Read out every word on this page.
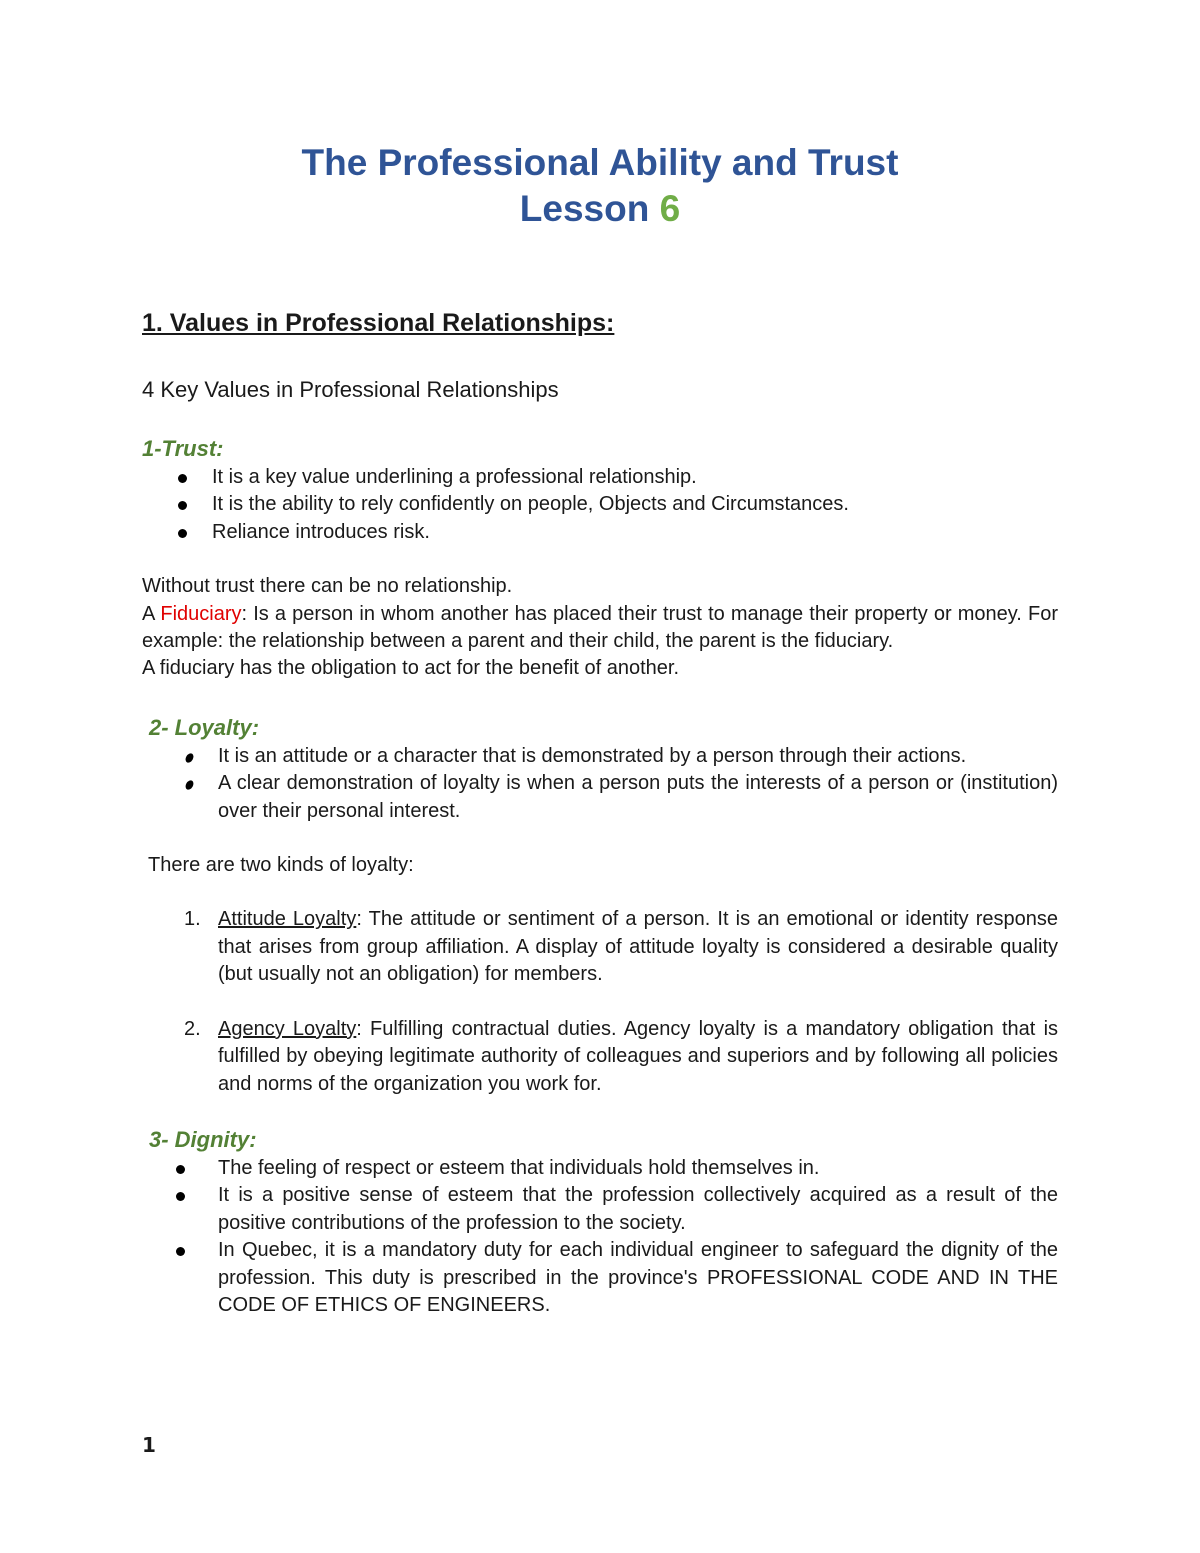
The Professional Ability and Trust
Lesson 6
1. Values in Professional Relationships:
4 Key Values in Professional Relationships
1-Trust:
It is a key value underlining a professional relationship.
It is the ability to rely confidently on people, Objects and Circumstances.
Reliance introduces risk.

Without trust there can be no relationship.

A Fiduciary: Is a person in whom another has placed their trust to manage their property or money. For example: the relationship between a parent and their child, the parent is the fiduciary.

A fiduciary has the obligation to act for the benefit of another.

2- Loyalty:
It is an attitude or a character that is demonstrated by a person through their actions.
A clear demonstration of loyalty is when a person puts the interests of a person or (institution) over their personal interest.

There are two kinds of loyalty:

1. Attitude Loyalty: The attitude or sentiment of a person. It is an emotional or identity response that arises from group affiliation. A display of attitude loyalty is considered a desirable quality (but usually not an obligation) for members.
2. Agency Loyalty: Fulfilling contractual duties. Agency loyalty is a mandatory obligation that is fulfilled by obeying legitimate authority of colleagues and superiors and by following all policies and norms of the organization you work for.
3- Dignity:
The feeling of respect or esteem that individuals hold themselves in.
It is a positive sense of esteem that the profession collectively acquired as a result of the positive contributions of the profession to the society.
In Quebec, it is a mandatory duty for each individual engineer to safeguard the dignity of the profession. This duty is prescribed in the province's PROFESSIONAL CODE AND IN THE CODE OF ETHICS OF ENGINEERS.
1
